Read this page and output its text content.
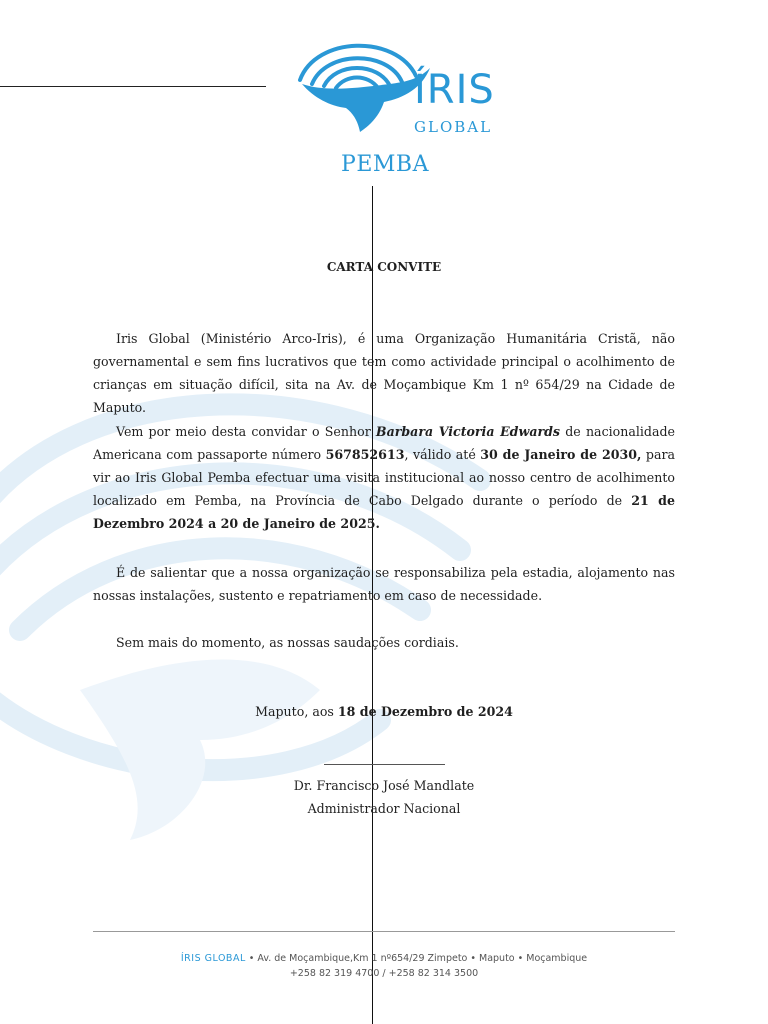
ÍRIS
GLOBAL
PEMBA
CARTA CONVITE
Iris Global (Ministério Arco-Iris), é uma Organização Humanitária Cristã, não governamental e sem fins lucrativos que tem como actividade principal o acolhimento de crianças em situação difícil, sita na Av. de Moçambique Km 1 nº 654/29 na Cidade de Maputo.
Vem por meio desta convidar o Senhor Barbara Victoria Edwards de nacionalidade Americana com passaporte número 567852613, válido até 30 de Janeiro de 2030, para vir ao Iris Global Pemba efectuar uma visita institucional ao nosso centro de acolhimento localizado em Pemba, na Província de Cabo Delgado durante o período de 21 de Dezembro 2024 a 20 de Janeiro de 2025.
É de salientar que a nossa organização se responsabiliza pela estadia, alojamento nas nossas instalações, sustento e repatriamento em caso de necessidade.
Sem mais do momento, as nossas saudações cordiais.
Maputo, aos 18 de Dezembro de 2024
Dr. Francisco José Mandlate
Administrador Nacional
ÍRIS GLOBAL • Av. de Moçambique,Km 1 nº654/29 Zimpeto • Maputo • Moçambique
+258 82 319 4700 / +258 82 314 3500
